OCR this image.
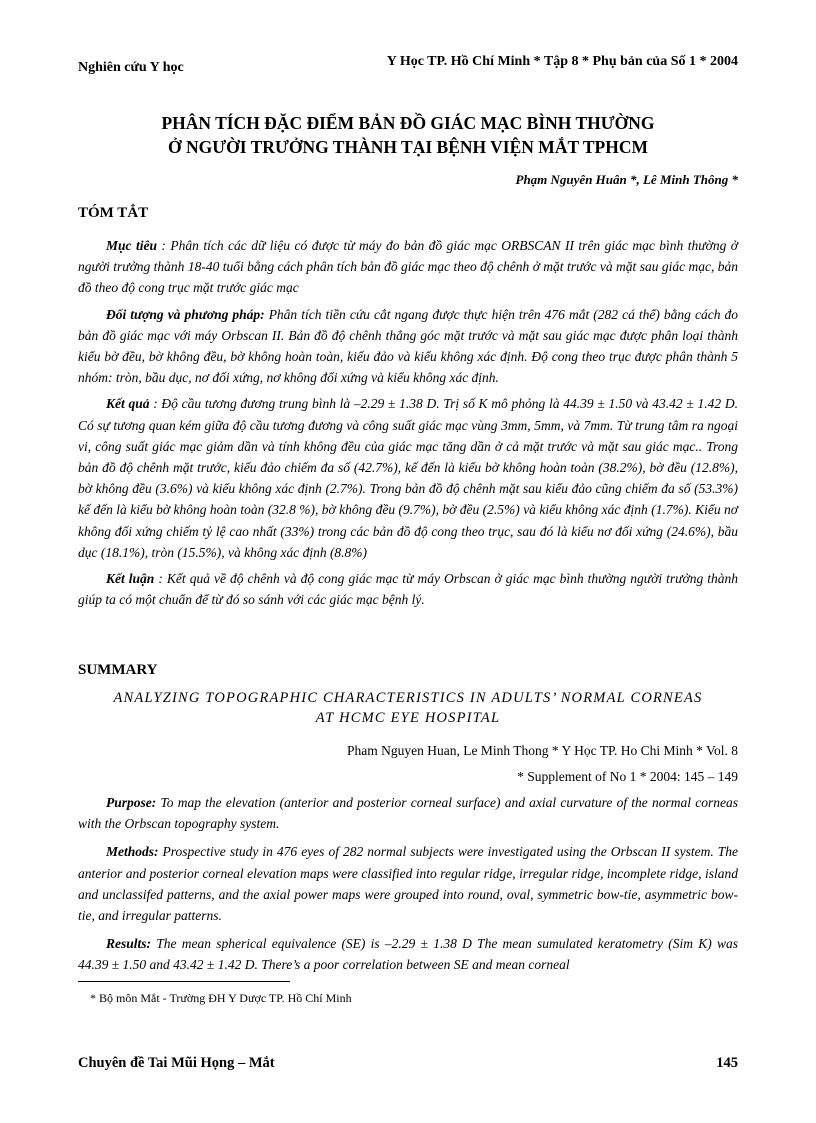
Nghiên cứu Y học	Y Học TP. Hồ Chí Minh * Tập 8 * Phụ bản của Số 1 * 2004
PHÂN TÍCH ĐẶC ĐIỂM BẢN ĐỒ GIÁC MẠC BÌNH THƯỜNG
Ở NGƯỜI TRƯỞNG THÀNH TẠI BỆNH VIỆN MẮT TPHCM
Phạm Nguyên Huân *, Lê Minh Thông *
TÓM TẮT

Mục tiêu : Phân tích các dữ liệu có được từ máy đo bản đồ giác mạc ORBSCAN II trên giác mạc bình thường ở người trưởng thành 18-40 tuổi bằng cách phân tích bản đồ giác mạc theo độ chênh ở mặt trước và mặt sau giác mạc, bản đồ theo độ cong trục mặt trước giác mạc

Đối tượng và phương pháp: Phân tích tiền cứu cắt ngang được thực hiện trên 476 mắt (282 cá thể) bằng cách đo bản đồ giác mạc với máy Orbscan II. Bản đồ độ chênh thẳng góc mặt trước và mặt sau giác mạc được phân loại thành kiểu bờ đều, bờ không đều, bờ không hoàn toàn, kiểu đảo và kiểu không xác định. Độ cong theo trục được phân thành 5 nhóm: tròn, bầu dục, nơ đối xứng, nơ không đối xứng và kiểu không xác định.

Kết quả : Độ cầu tương đương trung bình là –2.29 ± 1.38 D. Trị số K mô phỏng là 44.39 ± 1.50 và 43.42 ± 1.42 D. Có sự tương quan kém giữa độ cầu tương đương và công suất giác mạc vùng 3mm, 5mm, và 7mm. Từ trung tâm ra ngoại vi, công suất giác mạc giảm dần và tính không đều của giác mạc tăng dần ở cả mặt trước và mặt sau giác mạc.. Trong bản đồ độ chênh mặt trước, kiểu đảo chiếm đa số (42.7%), kế đến là kiểu bờ không hoàn toàn (38.2%), bờ đều (12.8%), bờ không đều (3.6%) và kiểu không xác định (2.7%). Trong bản đồ độ chênh mặt sau kiểu đảo cũng chiếm đa số (53.3%) kế đến là kiểu bờ không hoàn toàn (32.8 %), bờ không đều (9.7%), bờ đều (2.5%) và kiểu không xác định (1.7%). Kiểu nơ không đối xứng chiếm tỷ lệ cao nhất (33%) trong các bản đồ độ cong theo trục, sau đó là kiểu nơ đối xứng (24.6%), bầu dục (18.1%), tròn (15.5%), và không xác định (8.8%)

Kết luận : Kết quả về độ chênh và độ cong giác mạc từ máy Orbscan ở giác mạc bình thường người trưởng thành giúp ta có một chuẩn để từ đó so sánh với các giác mạc bệnh lý.

SUMMARY
ANALYZING TOPOGRAPHIC CHARACTERISTICS IN ADULTS’ NORMAL CORNEAS
AT HCMC EYE HOSPITAL
Pham Nguyen Huan, Le Minh Thong * Y Học TP. Ho Chi Minh * Vol. 8
* Supplement of No 1 * 2004: 145 – 149

Purpose: To map the elevation (anterior and posterior corneal surface) and axial curvature of the normal corneas with the Orbscan topography system.

Methods: Prospective study in 476 eyes of 282 normal subjects were investigated using the Orbscan II system. The anterior and posterior corneal elevation maps were classified into regular ridge, irregular ridge, incomplete ridge, island and unclassifed patterns, and the axial power maps were grouped into round, oval, symmetric bow-tie, asymmetric bow-tie, and irregular patterns.

Results: The mean spherical equivalence (SE) is –2.29 ± 1.38 D The mean sumulated keratometry (Sim K) was 44.39 ± 1.50 and 43.42 ± 1.42 D. There’s a poor correlation between SE and mean corneal

* Bộ môn Mắt - Trường ĐH Y Dược TP. Hồ Chí Minh
Chuyên đề Tai Mũi Họng – Mắt	145
